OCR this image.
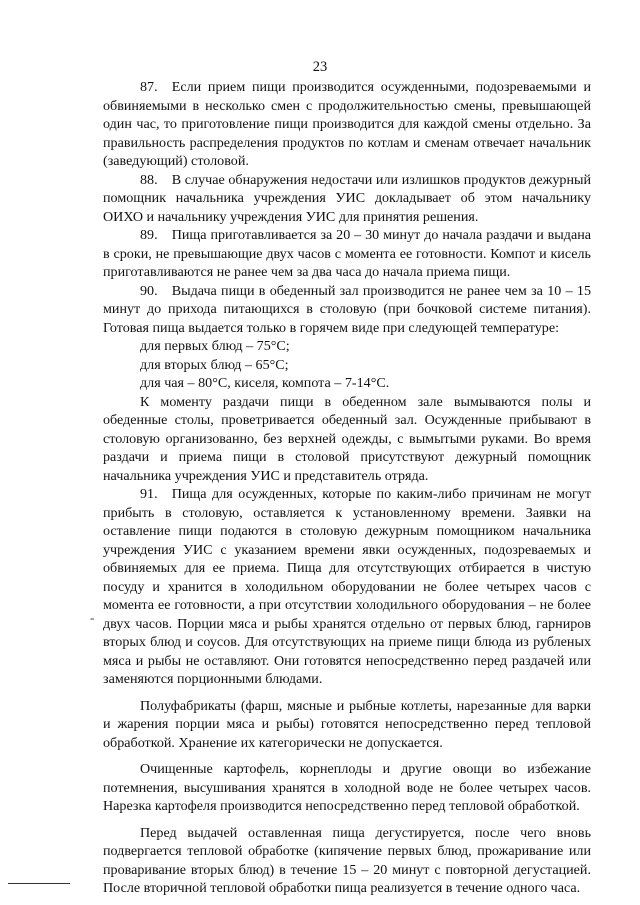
23

87. Если прием пищи производится осужденными, подозреваемыми и обвиняемыми в несколько смен с продолжительностью смены, превышающей один час, то приготовление пищи производится для каждой смены отдельно. За правильность распределения продуктов по котлам и сменам отвечает начальник (заведующий) столовой.

88. В случае обнаружения недостачи или излишков продуктов дежурный помощник начальника учреждения УИС докладывает об этом начальнику ОИХО и начальнику учреждения УИС для принятия решения.

89. Пища приготавливается за 20 – 30 минут до начала раздачи и выдана в сроки, не превышающие двух часов с момента ее готовности. Компот и кисель приготавливаются не ранее чем за два часа до начала приема пищи.

90. Выдача пищи в обеденный зал производится не ранее чем за 10 – 15 минут до прихода питающихся в столовую (при бочковой системе питания). Готовая пища выдается только в горячем виде при следующей температуре:

для первых блюд – 75°С;
для вторых блюд – 65°С;
для чая – 80°С, киселя, компота – 7-14°С.

К моменту раздачи пищи в обеденном зале вымываются полы и обеденные столы, проветривается обеденный зал. Осужденные прибывают в столовую организованно, без верхней одежды, с вымытыми руками. Во время раздачи и приема пищи в столовой присутствуют дежурный помощник начальника учреждения УИС и представитель отряда.

91. Пища для осужденных, которые по каким-либо причинам не могут прибыть в столовую, оставляется к установленному времени. Заявки на оставление пищи подаются в столовую дежурным помощником начальника учреждения УИС с указанием времени явки осужденных, подозреваемых и обвиняемых для ее приема. Пища для отсутствующих отбирается в чистую посуду и хранится в холодильном оборудовании не более четырех часов с момента ее готовности, а при отсутствии холодильного оборудования – не более двух часов. Порции мяса и рыбы хранятся отдельно от первых блюд, гарниров вторых блюд и соусов. Для отсутствующих на приеме пищи блюда из рубленых мяса и рыбы не оставляют. Они готовятся непосредственно перед раздачей или заменяются порционными блюдами.

Полуфабрикаты (фарш, мясные и рыбные котлеты, нарезанные для варки и жарения порции мяса и рыбы) готовятся непосредственно перед тепловой обработкой. Хранение их категорически не допускается.

Очищенные картофель, корнеплоды и другие овощи во избежание потемнения, высушивания хранятся в холодной воде не более четырех часов. Нарезка картофеля производится непосредственно перед тепловой обработкой.

Перед выдачей оставленная пища дегустируется, после чего вновь подвергается тепловой обработке (кипячение первых блюд, прожаривание или проваривание вторых блюд) в течение 15 – 20 минут с повторной дегустацией. После вторичной тепловой обработки пища реализуется в течение одного часа.

-
